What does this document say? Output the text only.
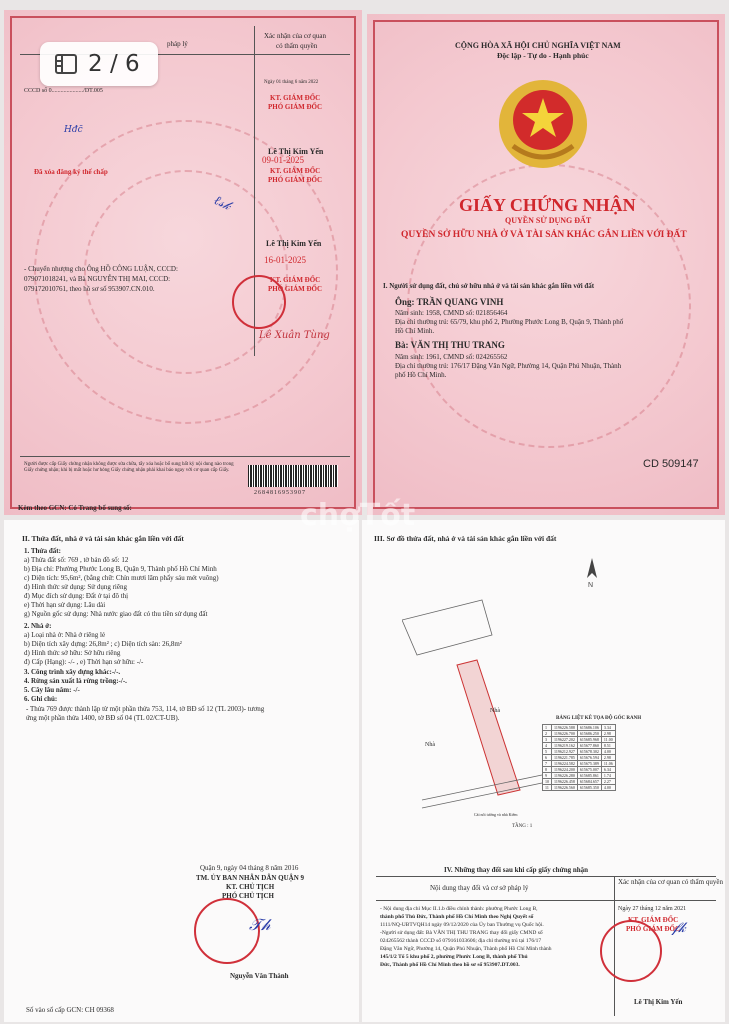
pháp lý
Xác nhận của cơ quan
có thẩm quyền
CCCD số 0...................../DT.005
Ngày 01 tháng 6 năm 2022
KT. GIÁM ĐỐC
PHÓ GIÁM ĐỐC
Hđc̄
Lê Thị Kim Yến
09-01-2025
KT. GIÁM ĐỐC
PHÓ GIÁM ĐỐC
Đã xóa đăng ký thế chấp
ℓ𝓈𝓀
Lê Thị Kim Yến
- Chuyển nhượng cho Ông HỒ CÔNG LUẬN, CCCD:
079071018241, và Bà NGUYỄN THỊ MAI, CCCD:
079172010761, theo hồ sơ số 953907.CN.010.
16-01-2025
KT. GIÁM ĐỐC
PHÓ GIÁM ĐỐC
Lê Xuân Tùng
Người được cấp Giấy chứng nhận không được sửa chữa, tẩy xóa hoặc bổ sung bất kỳ nội dung nào trong Giấy chứng nhận; khi bị mất hoặc hư hỏng Giấy chứng nhận phải khai báo ngay với cơ quan cấp Giấy.
2684816953907
Kèm theo GCN: Có Trang bổ sung số:
2 / 6
CỘNG HÒA XÃ HỘI CHỦ NGHĨA VIỆT NAM
Độc lập - Tự do - Hạnh phúc
GIẤY CHỨNG NHẬN
QUYỀN SỬ DỤNG ĐẤT
QUYỀN SỞ HỮU NHÀ Ở VÀ TÀI SẢN KHÁC GẮN LIỀN VỚI ĐẤT
I. Người sử dụng đất, chủ sở hữu nhà ở và tài sản khác gắn liền với đất
Ông: TRẦN QUANG VINH
Năm sinh: 1958, CMND số: 021856464
Địa chỉ thường trú: 65/79, khu phố 2, Phường Phước Long B, Quận 9, Thành phố
Hồ Chí Minh.
Bà: VĂN THỊ THU TRANG
Năm sinh: 1961, CMND số: 024265562
Địa chỉ thường trú: 176/17 Đặng Văn Ngữ, Phường 14, Quận Phú Nhuận, Thành
phố Hồ Chí Minh.
CD 509147
II. Thửa đất, nhà ở và tài sản khác gắn liền với đất
1. Thửa đất:
a) Thửa đất số: 769 , tờ bản đồ số: 12
b) Địa chỉ: Phường Phước Long B, Quận 9, Thành phố Hồ Chí Minh
c) Diện tích: 95,6m², (bằng chữ: Chín mươi lăm phẩy sáu mét vuông)
d) Hình thức sử dụng: Sử dụng riêng
đ) Mục đích sử dụng: Đất ở tại đô thị
e) Thời hạn sử dụng: Lâu dài
g) Nguồn gốc sử dụng: Nhà nước giao đất có thu tiền sử dụng đất
2. Nhà ở:
a) Loại nhà ở: Nhà ở riêng lẻ
b) Diện tích xây dựng: 26,8m² ; c) Diện tích sàn: 26,8m²
d) Hình thức sở hữu: Sở hữu riêng
đ) Cấp (Hạng): -/- , e) Thời hạn sở hữu: -/-
3. Công trình xây dựng khác:-/-.
4. Rừng sản xuất là rừng trồng:-/-.
5. Cây lâu năm: -/-
6. Ghi chú:
- Thửa 769 được thành lập từ một phần thửa 753, 114, tờ BĐ số 12 (TL 2003)- tương
ứng một phần thửa 1400, tờ BĐ số 04 (TL 02/CT-UB).
Quận 9, ngày 04 tháng 8 năm 2016
TM. ỦY BAN NHÂN DÂN QUẬN 9
KT. CHỦ TỊCH
PHÓ CHỦ TỊCH
𝒯𝒽
Nguyễn Văn Thành
Số vào sổ cấp GCN: CH 09368
III. Sơ đồ thửa đất, nhà ở và tài sản khác gắn liền với đất
Nhà
Nhà
Cái nối tường và nhà Kiếm
TẦNG : 1
N
BẢNG LIỆT KÊ TỌA ĐỘ GÓC RANH
1	1196226.588	615686.106	3.34
2	1196226.700	615686.250	2.98
3	1196227.202	615685.968	11.00
4	1196219.162	615677.860	8.51
5	1196212.927	615678.302	4.00
6	1196221.785	615676.594	2.98
7	1196224.582	615675.389	11.06
8	1196224.200	615675.007	6.34
9	1196226.280	615685.861	1.74
10	1196226.458	615684.657	2.27
11	1196226.560	615685.350	4.00
IV. Những thay đổi sau khi cấp giấy chứng nhận
Nội dung thay đổi và cơ sở pháp lý
Xác nhận của cơ quan có thẩm quyền
- Nội dung địa chỉ Mục II.1.b điều chỉnh thành: phường Phước Long B,
thành phố Thủ Đức, Thành phố Hồ Chí Minh theo Nghị Quyết số
1111/NQ-UBTVQH14 ngày 09/12/2020 của Ủy ban Thường vụ Quốc hội.
-Người sử dụng đất: Bà VĂN THỊ THU TRANG thay đổi giấy CMND số
024265562 thành CCCD số 079161033606; địa chỉ thường trú tại 176/17
Đặng Văn Ngữ, Phường 14, Quận Phú Nhuận, Thành phố Hồ Chí Minh thành
145/1/2 Tổ 5 khu phố 2, phường Phước Long B, thành phố Thủ
Đức, Thành phố Hồ Chí Minh theo hồ sơ số 953907.DT.003.
Ngày 27 tháng 12 năm 2021
KT. GIÁM ĐỐC
PHÓ GIÁM ĐỐC
𝒻𝓀
Lê Thị Kim Yến
chợTốt
